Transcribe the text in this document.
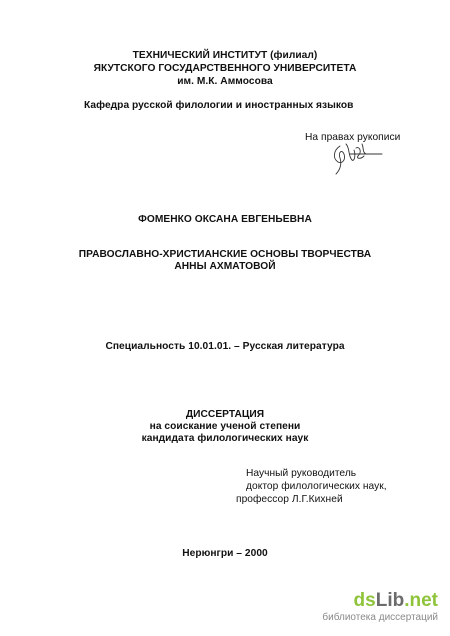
ТЕХНИЧЕСКИЙ ИНСТИТУТ (филиал)
ЯКУТСКОГО ГОСУДАРСТВЕННОГО УНИВЕРСИТЕТА
им. М.К. Аммосова
Кафедра русской филологии и иностранных языков
На правах рукописи
ФОМЕНКО ОКСАНА ЕВГЕНЬЕВНА
ПРАВОСЛАВНО-ХРИСТИАНСКИЕ ОСНОВЫ ТВОРЧЕСТВА
АННЫ АХМАТОВОЙ
Специальность 10.01.01. – Русская литература
ДИССЕРТАЦИЯ
на соискание ученой степени
кандидата филологических наук
Научный руководитель
доктор филологических наук,
профессор Л.Г.Кихней
Нерюнгри – 2000
dsLib.net
библиотека диссертаций
